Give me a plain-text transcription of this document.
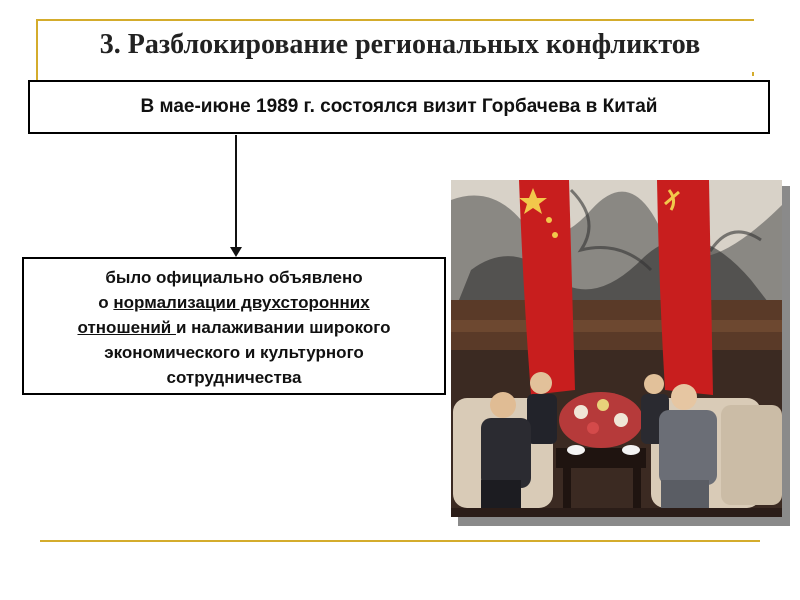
3. Разблокирование региональных конфликтов
В мае-июне 1989 г. состоялся визит Горбачева в Китай
было официально объявлено
о нормализации двухсторонних
отношений и налаживании широкого
экономического и культурного
сотрудничества
